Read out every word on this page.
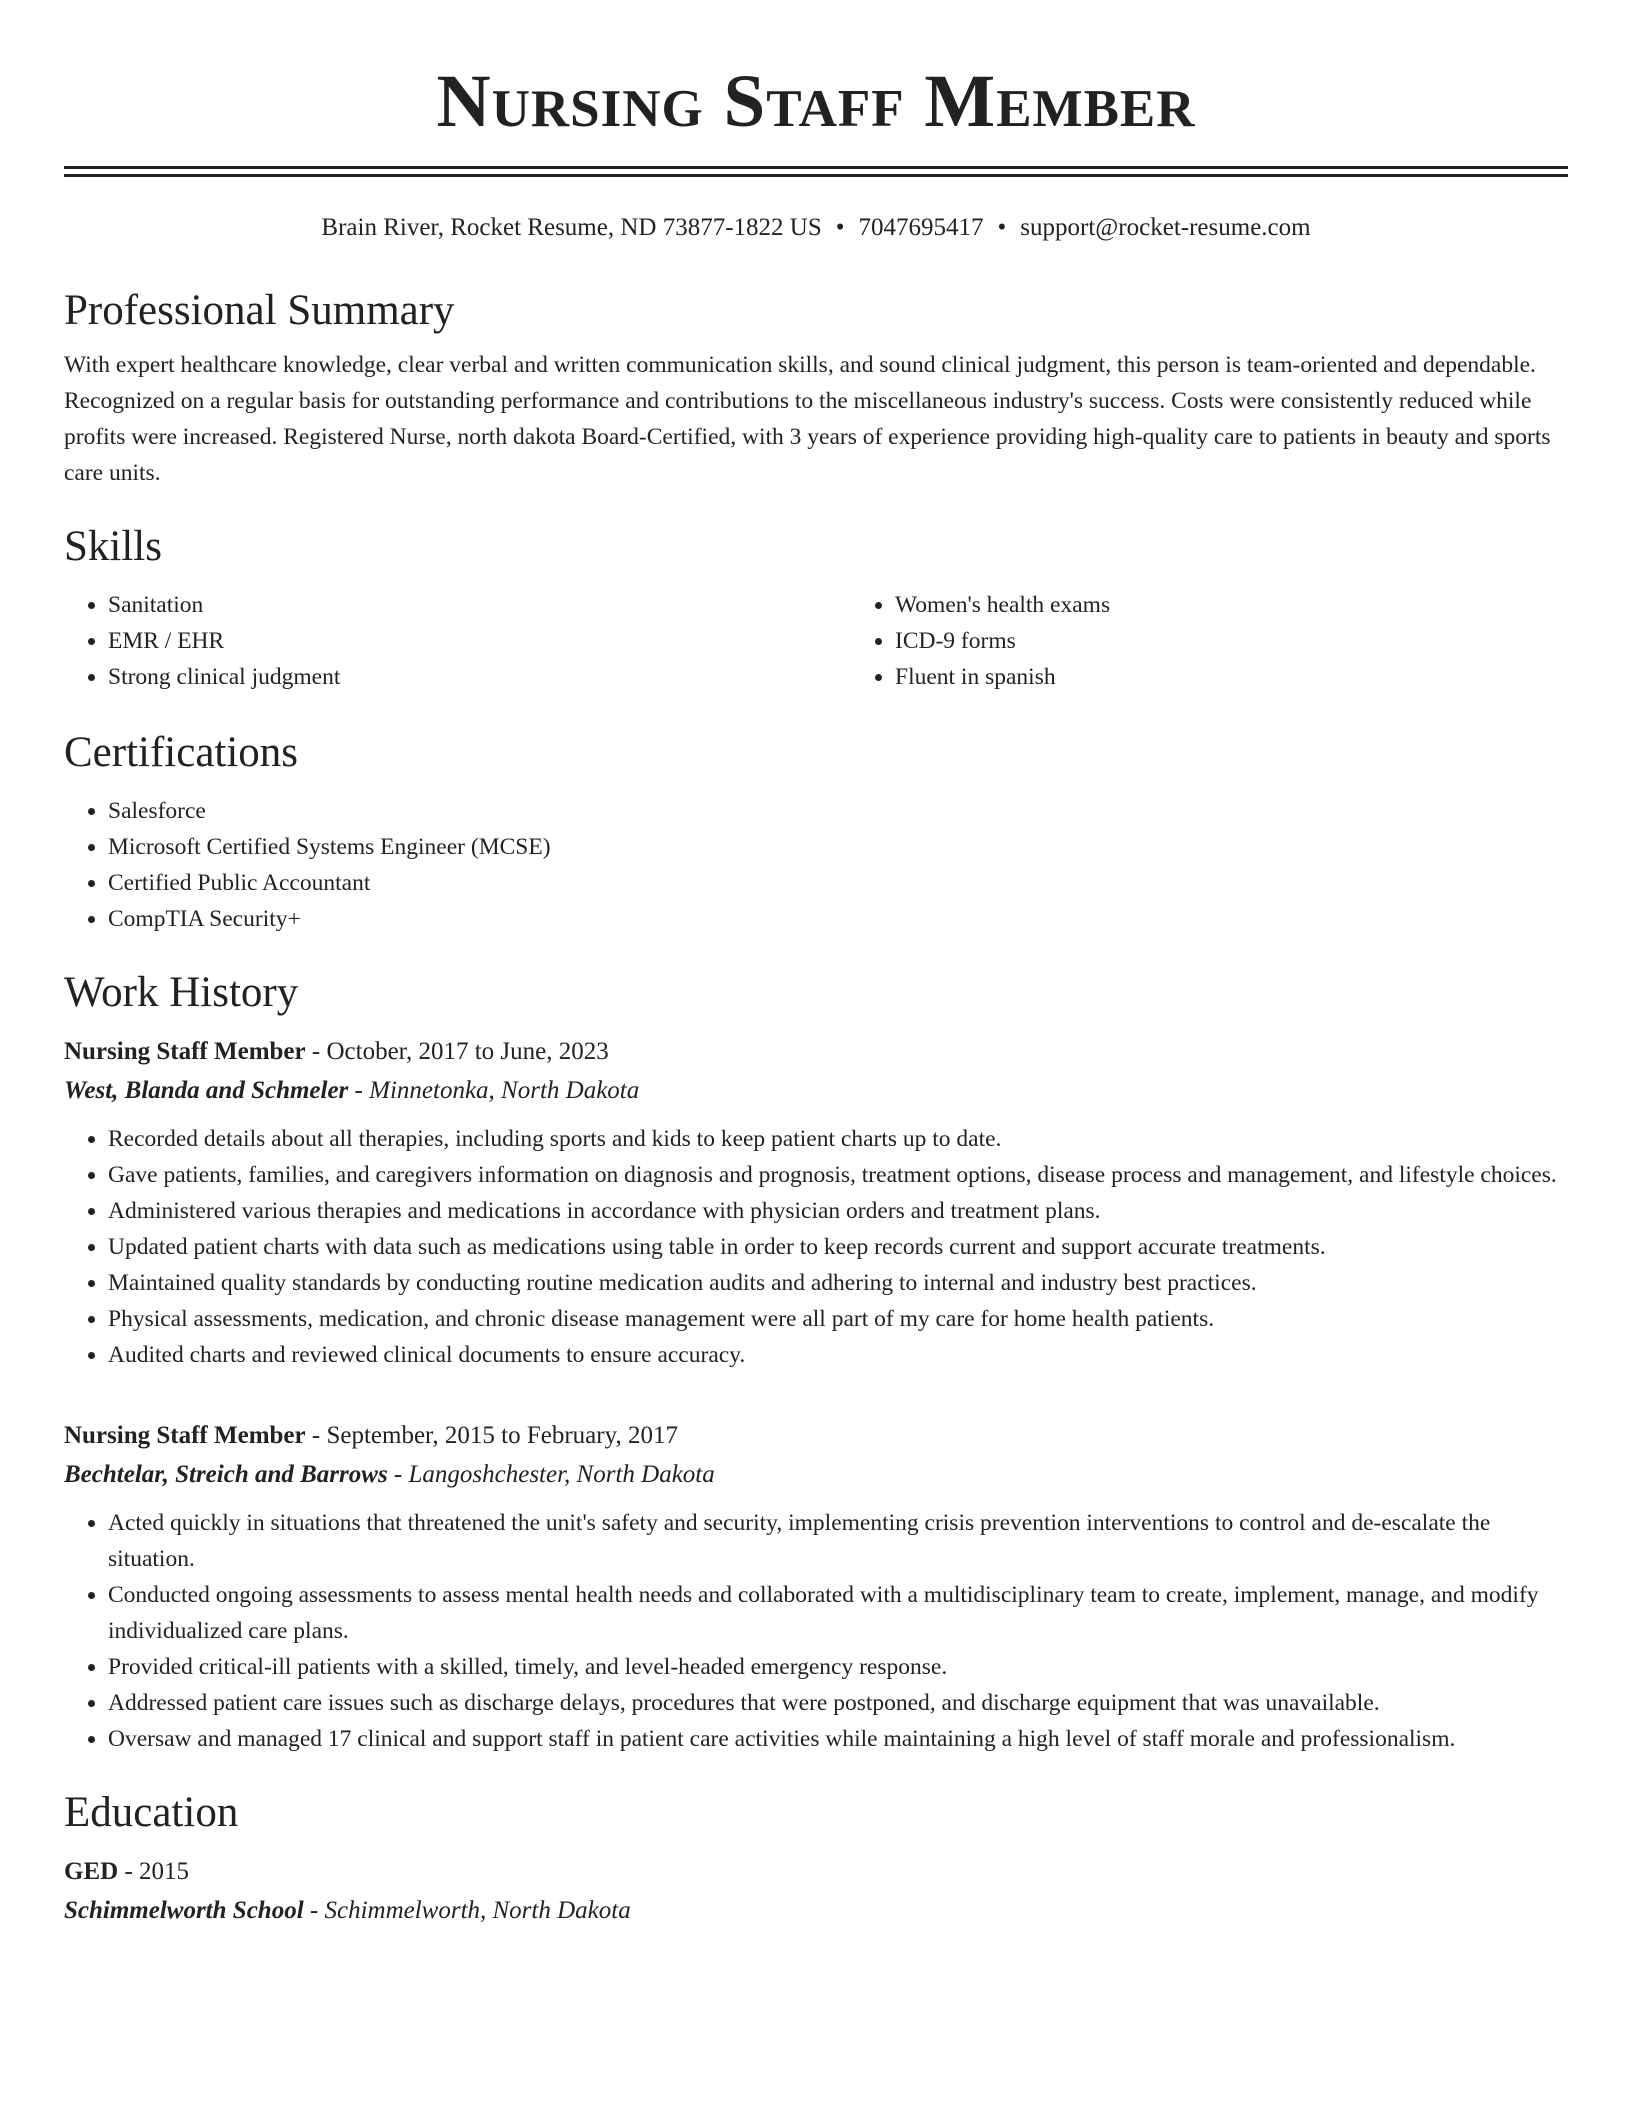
Nursing Staff Member
Brain River, Rocket Resume, ND 73877-1822 US • 7047695417 • support@rocket-resume.com
Professional Summary

With expert healthcare knowledge, clear verbal and written communication skills, and sound clinical judgment, this person is team-oriented and dependable. Recognized on a regular basis for outstanding performance and contributions to the miscellaneous industry's success. Costs were consistently reduced while profits were increased. Registered Nurse, north dakota Board-Certified, with 3 years of experience providing high-quality care to patients in beauty and sports care units.

Skills
• Sanitation
• EMR / EHR
• Strong clinical judgment
• Women's health exams
• ICD-9 forms
• Fluent in spanish
Certifications
• Salesforce
• Microsoft Certified Systems Engineer (MCSE)
• Certified Public Accountant
• CompTIA Security+
Work History
Nursing Staff Member - October, 2017 to June, 2023
West, Blanda and Schmeler - Minnetonka, North Dakota
• Recorded details about all therapies, including sports and kids to keep patient charts up to date.
• Gave patients, families, and caregivers information on diagnosis and prognosis, treatment options, disease process and management, and lifestyle choices.
• Administered various therapies and medications in accordance with physician orders and treatment plans.
• Updated patient charts with data such as medications using table in order to keep records current and support accurate treatments.
• Maintained quality standards by conducting routine medication audits and adhering to internal and industry best practices.
• Physical assessments, medication, and chronic disease management were all part of my care for home health patients.
• Audited charts and reviewed clinical documents to ensure accuracy.
Nursing Staff Member - September, 2015 to February, 2017
Bechtelar, Streich and Barrows - Langoshchester, North Dakota
• Acted quickly in situations that threatened the unit's safety and security, implementing crisis prevention interventions to control and de-escalate the situation.
• Conducted ongoing assessments to assess mental health needs and collaborated with a multidisciplinary team to create, implement, manage, and modify individualized care plans.
• Provided critical-ill patients with a skilled, timely, and level-headed emergency response.
• Addressed patient care issues such as discharge delays, procedures that were postponed, and discharge equipment that was unavailable.
• Oversaw and managed 17 clinical and support staff in patient care activities while maintaining a high level of staff morale and professionalism.
Education
GED - 2015
Schimmelworth School - Schimmelworth, North Dakota
